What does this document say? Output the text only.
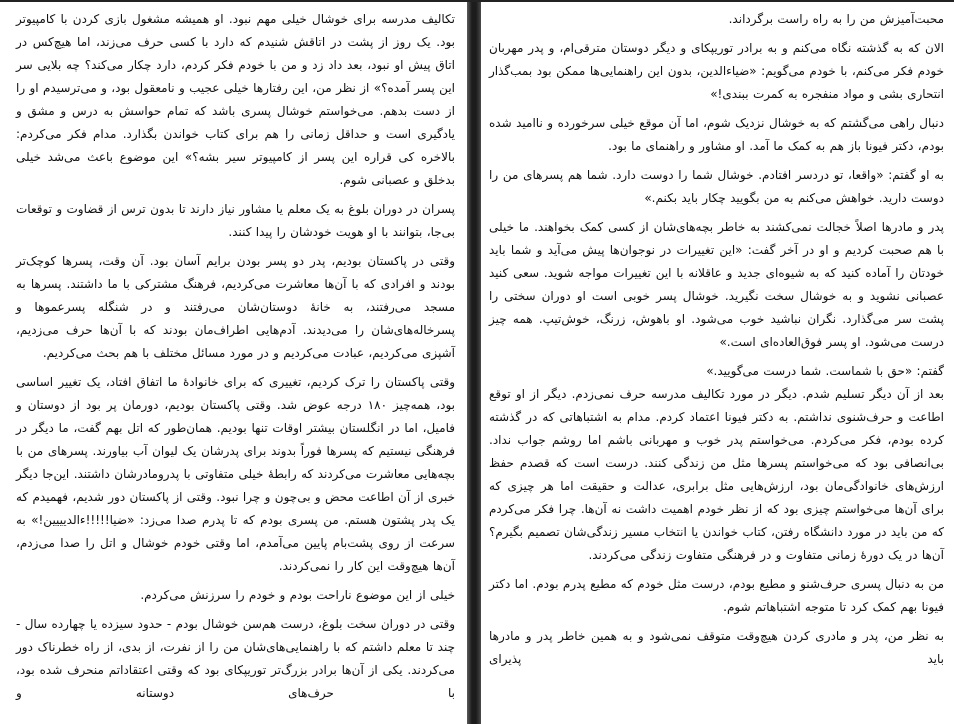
تکالیف مدرسه برای خوشال خیلی مهم نبود. او همیشه مشغول بازی کردن با کامپیوتر بود. یک روز از پشت در اتاقش شنیدم که دارد با کسی حرف می‌زند، اما هیچ‌کس در اتاق پیش او نبود، بعد داد زد و من با خودم فکر کردم، دارد چکار می‌کند؟ چه بلایی سر این پسر آمده؟» از نظر من، این رفتارها خیلی عجیب و نامعقول بود، و می‌ترسیدم او را از دست بدهم. می‌خواستم خوشال پسری باشد که تمام حواسش به درس و مشق و یادگیری است و حداقل زمانی را هم برای کتاب خواندن بگذارد. مدام فکر می‌کردم: بالاخره کی قراره این پسر از کامپیوتر سیر بشه؟» این موضوع باعث می‌شد خیلی بدخلق و عصبانی شوم.

پسران در دوران بلوغ به یک معلم یا مشاور نیاز دارند تا بدون ترس از قضاوت و توقعات بی‌جا، بتوانند با او هویت خودشان را پیدا کنند.

وقتی در پاکستان بودیم، پدر دو پسر بودن برایم آسان بود. آن وقت، پسرها کوچک‌تر بودند و افرادی که با آن‌ها معاشرت می‌کردیم، فرهنگ مشترکی با ما داشتند. پسرها به مسجد می‌رفتند، به خانهٔ دوستان‌شان می‌رفتند و در شنگله پسرعموها و پسرخاله‌های‌شان را می‌دیدند. آدم‌هایی اطراف‌مان بودند که با آن‌ها حرف می‌زدیم، آشپزی می‌کردیم، عبادت می‌کردیم و در مورد مسائل مختلف با هم بحث می‌کردیم.

وقتی پاکستان را ترک کردیم، تغییری که برای خانوادهٔ ما اتفاق افتاد، یک تغییر اساسی بود، همه‌چیز ۱۸۰ درجه عوض شد. وقتی پاکستان بودیم، دورمان پر بود از دوستان و فامیل، اما در انگلستان بیشتر اوقات تنها بودیم. همان‌طور که اتل بهم گفت، ما دیگر در فرهنگی نیستیم که پسرها فوراً بدوند برای پدرشان یک لیوان آب بیاورند. پسرهای من با بچه‌هایی معاشرت می‌کردند که رابطهٔ خیلی متفاوتی با پدرومادرشان داشتند. این‌جا دیگر خبری از آن اطاعت محض و بی‌چون و چرا نبود. وقتی از پاکستان دور شدیم، فهمیدم که یک پدر پشتون هستم. من پسری بودم که تا پدرم صدا می‌زد: «ضیا!!!!!ءالدیییین!» به سرعت از روی پشت‌بام پایین می‌آمدم، اما وقتی خودم خوشال و اتل را صدا می‌زدم، آن‌ها هیچ‌وقت این کار را نمی‌کردند.

خیلی از این موضوع ناراحت بودم و خودم را سرزنش می‌کردم.

وقتی در دوران سخت بلوغ، درست هم‌سن خوشال بودم - حدود سیزده یا چهارده سال - چند تا معلم داشتم که با راهنمایی‌های‌شان من را از نفرت، از بدی، از راه خطرناک دور می‌کردند. یکی از آن‌ها برادر بزرگ‌تر توریپکای بود که وقتی اعتقاداتم منحرف شده بود، با حرف‌های دوستانه و

محبت‌آمیزش من را به راه راست برگرداند.

الان که به گذشته نگاه می‌کنم و به برادر توریپکای و دیگر دوستان مترقی‌ام، و پدر مهربان خودم فکر می‌کنم، با خودم می‌گویم: «ضیاءالدین، بدون این راهنمایی‌ها ممکن بود بمب‌گذار انتحاری بشی و مواد منفجره به کمرت ببندی!»

دنبال راهی می‌گشتم که به خوشال نزدیک شوم، اما آن موقع خیلی سرخورده و ناامید شده بودم، دکتر فیونا باز هم به کمک ما آمد. او مشاور و راهنمای ما بود.

به او گفتم: «واقعا، تو دردسر افتادم. خوشال شما را دوست دارد. شما هم پسرهای من را دوست دارید. خواهش می‌کنم به من بگویید چکار باید بکنم.»

پدر و مادرها اصلاً خجالت نمی‌کشند به خاطر بچه‌های‌شان از کسی کمک بخواهند. ما خیلی با هم صحبت کردیم و او در آخر گفت: «این تغییرات در نوجوان‌ها پیش می‌آید و شما باید خودتان را آماده کنید که به شیوه‌ای جدید و عاقلانه با این تغییرات مواجه شوید. سعی کنید عصبانی نشوید و به خوشال سخت نگیرید. خوشال پسر خوبی است او دوران سختی را پشت سر می‌گذارد. نگران نباشید خوب می‌شود. او باهوش، زرنگ، خوش‌تیپ. همه چیز درست می‌شود. او پسر فوق‌العاده‌ای است.»

گفتم: «حق با شماست. شما درست می‌گویید.»

بعد از آن دیگر تسلیم شدم. دیگر در مورد تکالیف مدرسه حرف نمی‌زدم. دیگر از او توقع اطاعت و حرف‌شنوی نداشتم. به دکتر فیونا اعتماد کردم. مدام به اشتباهاتی که در گذشته کرده بودم، فکر می‌کردم. می‌خواستم پدر خوب و مهربانی باشم اما روشم جواب نداد. بی‌انصافی بود که می‌خواستم پسرها مثل من زندگی کنند. درست است که قصدم حفظ ارزش‌های خانوادگی‌مان بود، ارزش‌هایی مثل برابری، عدالت و حقیقت اما هر چیزی که برای آن‌ها می‌خواستم چیزی بود که از نظر خودم اهمیت داشت نه آن‌ها. چرا فکر می‌کردم که من باید در مورد دانشگاه رفتن، کتاب خواندن یا انتخاب مسیر زندگی‌شان تصمیم بگیرم؟ آن‌ها در یک دورهٔ زمانی متفاوت و در فرهنگی متفاوت زندگی می‌کردند.

من به دنبال پسری حرف‌شنو و مطیع بودم، درست مثل خودم که مطیع پدرم بودم. اما دکتر فیونا بهم کمک کرد تا متوجه اشتباهاتم شوم.

به نظر من، پدر و مادری کردن هیچ‌وقت متوقف نمی‌شود و به همین خاطر پدر و مادرها باید پذیرای
